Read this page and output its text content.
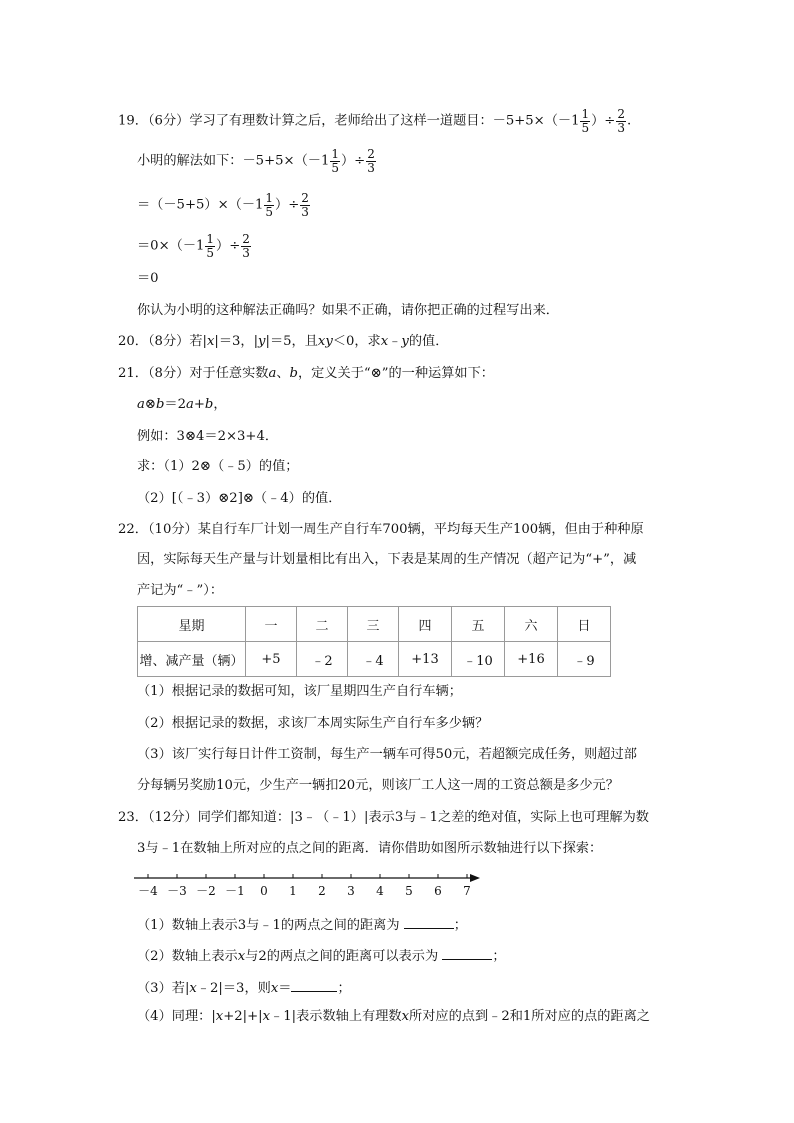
19．（6分）学习了有理数计算之后，老师给出了这样一道题目：$-5+5\times(-1 \frac{1}{5}$ ）÷ $\frac{2}{3}$ .
小明的解法如下：$-5+5\times(-1 \frac{1}{5}$ ）÷ $\frac{2}{3}$
$=(-5+5)\times(-1 \frac{1}{5}$ ）÷ $\frac{2}{3}$
$=0\times(-1 \frac{1}{5}$ ）÷ $\frac{2}{3}$
＝0
你认为小明的这种解法正确吗？如果不正确，请你把正确的过程写出来．
20．（8分）若|x|＝3，|y|＝5，且xy＜0，求x﹣y的值．
21．（8分）对于任意实数a、b，定义关于“⊗”的一种运算如下：
a⊗b＝2a+b，
例如：3⊗4＝2×3+4．
求：（1）2⊗（﹣5）的值；
（2）[（﹣3）⊗2]⊗（﹣4）的值．
22．（10分）某自行车厂计划一周生产自行车700辆，平均每天生产100辆，但由于种种原
因，实际每天生产量与计划量相比有出入，下表是某周的生产情况（超产记为“+”，减
产记为“﹣”）：
星期	一	二	三	四	五	六	日
增、减产量（辆）	+5	﹣2	﹣4	+13	﹣10	+16	﹣9
（1）根据记录的数据可知，该厂星期四生产自行车辆；
（2）根据记录的数据，求该厂本周实际生产自行车多少辆？
（3）该厂实行每日计件工资制，每生产一辆车可得50元，若超额完成任务，则超过部
分每辆另奖励10元，少生产一辆扣20元，则该厂工人这一周的工资总额是多少元？
23．（12分）同学们都知道：|3﹣（﹣1）|表示3与﹣1之差的绝对值，实际上也可理解为数
3与﹣1在数轴上所对应的点之间的距离．请你借助如图所示数轴进行以下探索：
－4 －3 －2 －1 0 1 2 3 4 5 6 7
（1）数轴上表示3与﹣1的两点之间的距离为	；
（2）数轴上表示x与2的两点之间的距离可以表示为	；
（3）若|x﹣2|＝3，则x＝	；
（4）同理：|x+2|+|x﹣1|表示数轴上有理数x所对应的点到﹣2和1所对应的点的距离之
